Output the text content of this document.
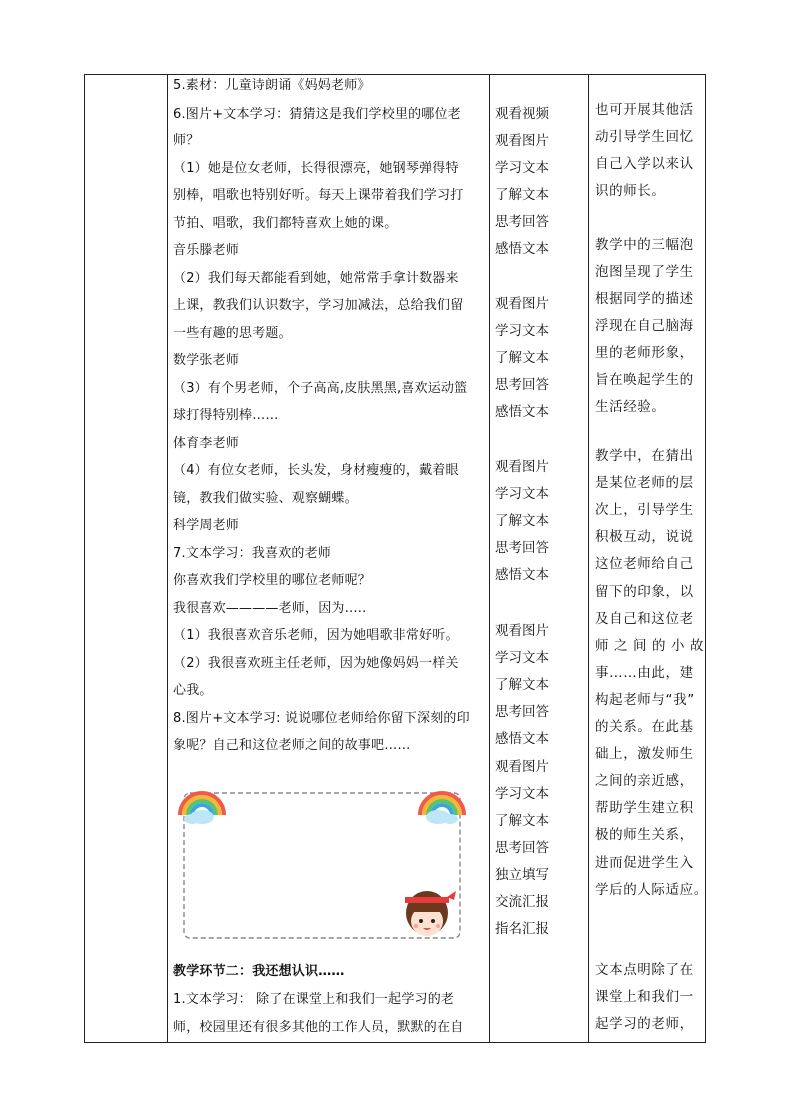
5.素材：儿童诗朗诵《妈妈老师》
6.图片+文本学习：猜猜这是我们学校里的哪位老
师？
（1）她是位女老师，长得很漂亮，她钢琴弹得特
别棒，唱歌也特别好听。每天上课带着我们学习打
节拍、唱歌，我们都特喜欢上她的课。
音乐滕老师
（2）我们每天都能看到她，她常常手拿计数器来
上课，教我们认识数字，学习加减法，总给我们留
一些有趣的思考题。
数学张老师
（3）有个男老师，个子高高,皮肤黑黑,喜欢运动篮
球打得特别棒……
体育李老师
（4）有位女老师，长头发，身材瘦瘦的，戴着眼
镜，教我们做实验、观察蝴蝶。
科学周老师
7.文本学习：我喜欢的老师
你喜欢我们学校里的哪位老师呢？
我很喜欢————老师，因为…..
（1）我很喜欢音乐老师，因为她唱歌非常好听。
（2）我很喜欢班主任老师，因为她像妈妈一样关
心我。
8.图片+文本学习: 说说哪位老师给你留下深刻的印
象呢？自己和这位老师之间的故事吧……
教学环节二：我还想认识……
1.文本学习： 除了在课堂上和我们一起学习的老
师，校园里还有很多其他的工作人员，默默的在自
观看视频
观看图片
学习文本
了解文本
思考回答
感悟文本
观看图片
学习文本
了解文本
思考回答
感悟文本
观看图片
学习文本
了解文本
思考回答
感悟文本
观看图片
学习文本
了解文本
思考回答
感悟文本
观看图片
学习文本
了解文本
思考回答
独立填写
交流汇报
指名汇报
也可开展其他活
动引导学生回忆
自己入学以来认
识的师长。
教学中的三幅泡
泡图呈现了学生
根据同学的描述
浮现在自己脑海
里的老师形象，
旨在唤起学生的
生活经验。
教学中，在猜出
是某位老师的层
次上，引导学生
积极互动，说说
这位老师给自己
留下的印象，以
及自己和这位老
师 之 间 的 小 故
事……由此，建
构起老师与“我”
的关系。在此基
础上，激发师生
之间的亲近感，
帮助学生建立积
极的师生关系，
进而促进学生入
学后的人际适应。
文本点明除了在
课堂上和我们一
起学习的老师，
